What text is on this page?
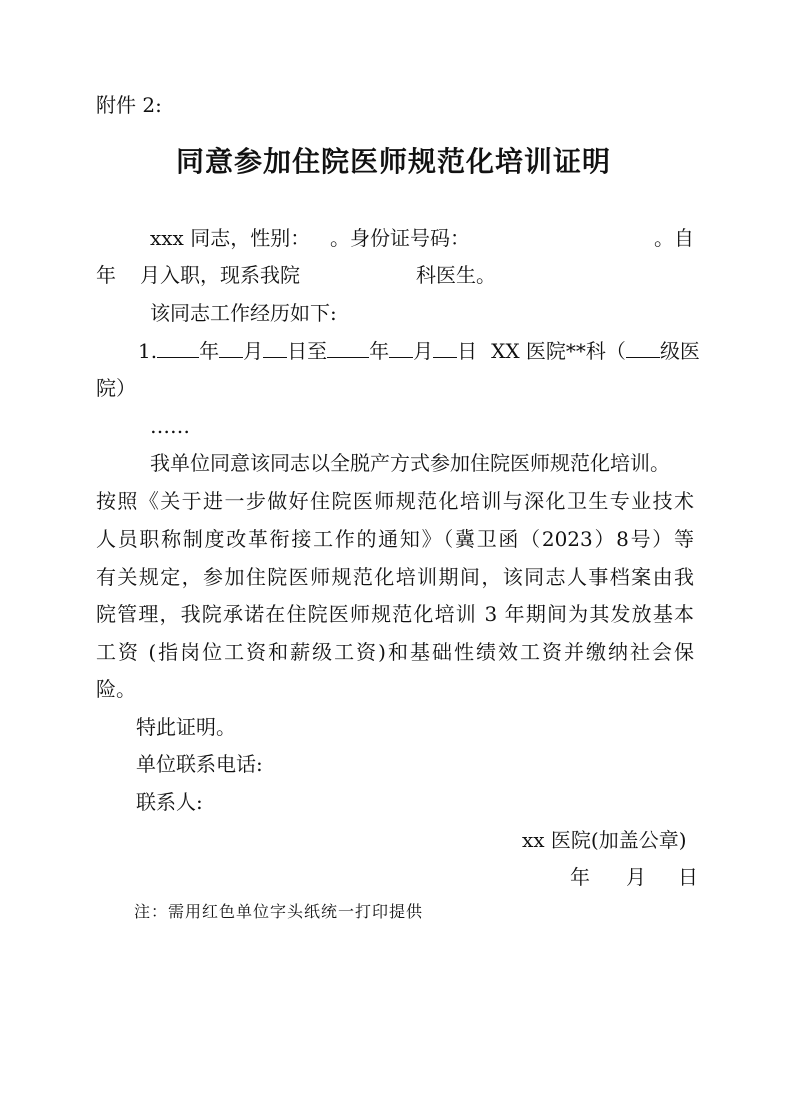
附件 2:
同意参加住院医师规范化培训证明
xxx 同志，性别： 。身份证号码：	。自
年 月入职，现系我院	科医生。
该同志工作经历如下:
1. 年 月 日至 年 月 日 XX 医院**科（ 级医
院）
……
我单位同意该同志以全脱产方式参加住院医师规范化培训。
按照《关于进一步做好住院医师规范化培训与深化卫生专业技术
人员职称制度改革衔接工作的通知》（冀卫函（2023）8号）等
有关规定，参加住院医师规范化培训期间，该同志人事档案由我
院管理，我院承诺在住院医师规范化培训 3 年期间为其发放基本
工资 (指岗位工资和薪级工资)和基础性绩效工资并缴纳社会保
险。
特此证明。
单位联系电话:
联系人:
xx 医院(加盖公章)
年 月 日
注：需用红色单位字头纸统一打印提供
